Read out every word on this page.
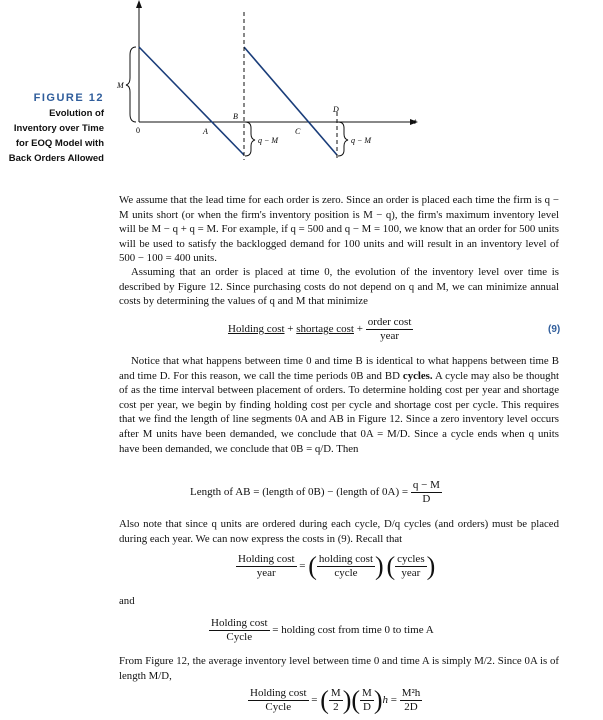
M
0
t
A
B
C
D
q − M	q − M
FIGURE 12
Evolution of Inventory over Time for EOQ Model with Back Orders Allowed
We assume that the lead time for each order is zero. Since an order is placed each time the firm is q − M units short (or when the firm's inventory position is M − q), the firm's maximum inventory level will be M − q + q = M. For example, if q = 500 and q − M = 100, we know that an order for 500 units will be used to satisfy the backlogged demand for 100 units and will result in an inventory level of 500 − 100 = 400 units.
Assuming that an order is placed at time 0, the evolution of the inventory level over time is described by Figure 12. Since purchasing costs do not depend on q and M, we can minimize annual costs by determining the values of q and M that minimize
Holding cost + shortage $\cos t + \frac{\text{order cost}}{\text{year}}$	(9)
Notice that what happens between time 0 and time B is identical to what happens between time B and time D. For this reason, we call the time periods 0B and BD cycles. A cycle may also be thought of as the time interval between placement of orders. To determine holding cost per year and shortage cost per year, we begin by finding holding cost per cycle and shortage cost per cycle. This requires that we find the length of line segments 0A and AB in Figure 12. Since a zero inventory level occurs after M units have been demanded, we conclude that 0A = M/D. Since a cycle ends when q units have been demanded, we conclude that 0B = q/D. Then
Length of AB = (length of 0B) − (length of $0A) = \frac{q - M}{D}$
Also note that since q units are ordered during each cycle, D/q cycles (and orders) must be placed during each year. We can now express the costs in (9). Recall that
$\frac{\text{Holding cost}}{\text{year}}$ = ( $\frac{\text{holding cost}}{\text{cycle}}$ ) ( $\frac{\text{cycles}}{\text{year}}$ )
and
$\frac{\text{Holding cost}}{\text{Cycle}}$ = holding cost from time 0 to time A
From Figure 12, the average inventory level between time 0 and time A is simply M/2. Since 0A is of length M/D,
$\frac{\text{Holding cost}}{\text{Cycle}}$ = ( $\frac{M}{2}$ )( $\frac{M}{D} )h = \frac{\text{M²h}}{2D}$
